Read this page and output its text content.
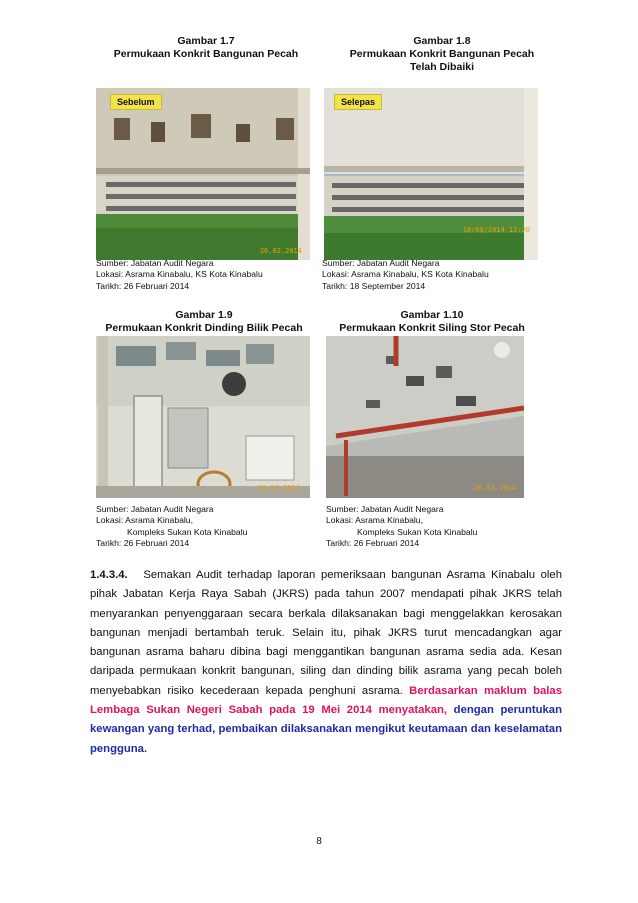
Gambar 1.7
Permukaan Konkrit Bangunan Pecah
Sebelum
26.02.2014
Sumber: Jabatan Audit Negara
Lokasi: Asrama Kinabalu, KS Kota Kinabalu
Tarikh: 26 Februari 2014
Gambar 1.8
Permukaan Konkrit Bangunan Pecah
Telah Dibaiki
Selepas
18/09/2014 12:20
Sumber: Jabatan Audit Negara
Lokasi: Asrama Kinabalu, KS Kota Kinabalu
Tarikh: 18 September 2014
Gambar 1.9
Permukaan Konkrit Dinding Bilik Pecah
26.02.2014
Sumber: Jabatan Audit Negara
Lokasi: Asrama Kinabalu,
Kompleks Sukan Kota Kinabalu
Tarikh: 26 Februari 2014
Gambar 1.10
Permukaan Konkrit Siling Stor Pecah
26.02.2014
Sumber: Jabatan Audit Negara
Lokasi: Asrama Kinabalu,
Kompleks Sukan Kota Kinabalu
Tarikh: 26 Februari 2014
1.4.3.4. Semakan Audit terhadap laporan pemeriksaan bangunan Asrama Kinabalu oleh pihak Jabatan Kerja Raya Sabah (JKRS) pada tahun 2007 mendapati pihak JKRS telah menyarankan penyenggaraan secara berkala dilaksanakan bagi menggelakkan kerosakan bangunan menjadi bertambah teruk. Selain itu, pihak JKRS turut mencadangkan agar bangunan asrama baharu dibina bagi menggantikan bangunan asrama sedia ada. Kesan daripada permukaan konkrit bangunan, siling dan dinding bilik asrama yang pecah boleh menyebabkan risiko kecederaan kepada penghuni asrama. Berdasarkan maklum balas Lembaga Sukan Negeri Sabah pada 19 Mei 2014 menyatakan, dengan peruntukan kewangan yang terhad, pembaikan dilaksanakan mengikut keutamaan dan keselamatan pengguna.
8
